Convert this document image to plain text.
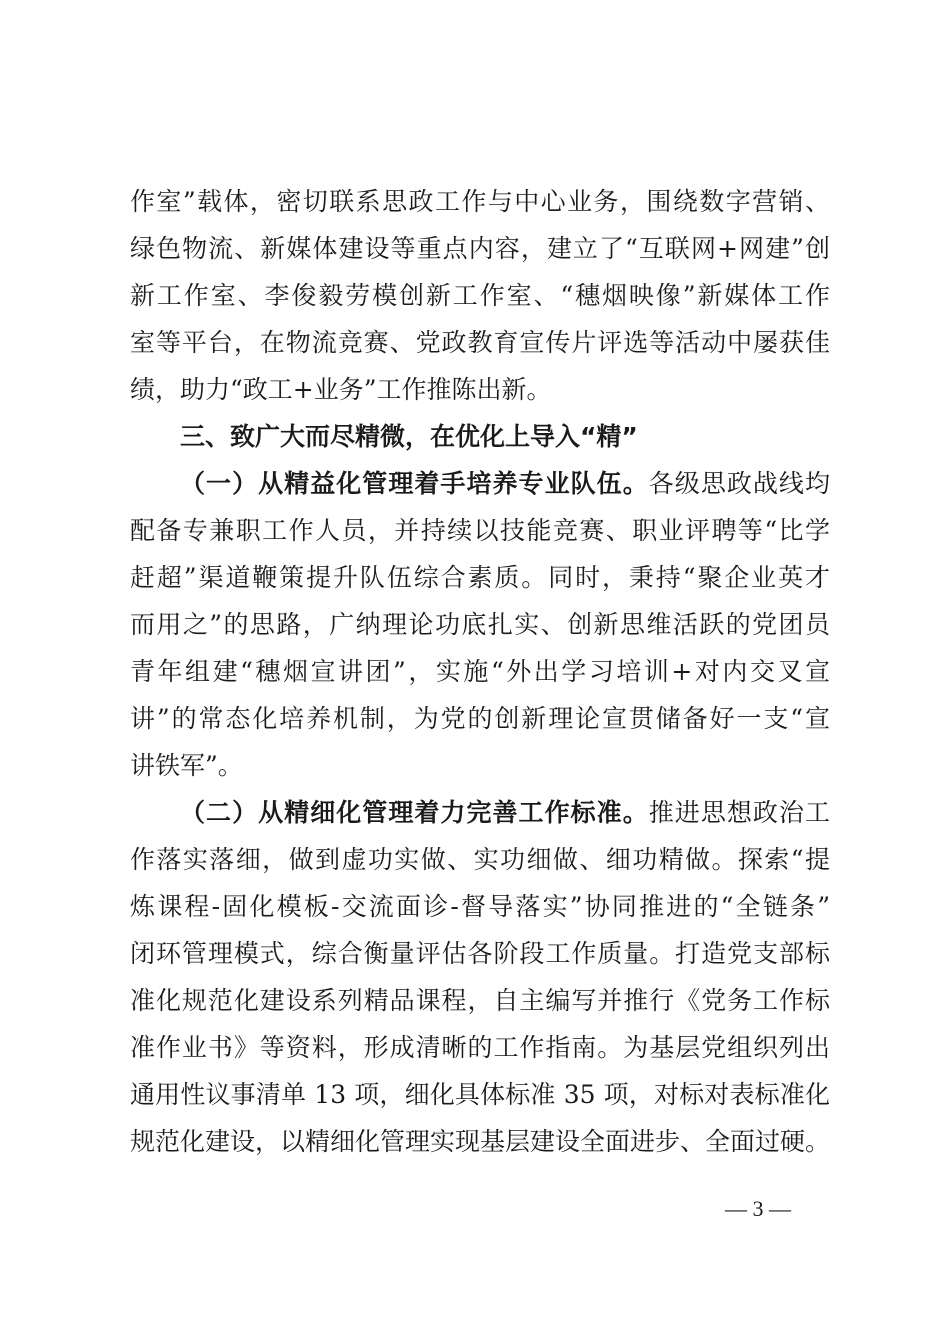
作室”载体，密切联系思政工作与中心业务，围绕数字营销、
绿色物流、新媒体建设等重点内容，建立了“互联网+网建”创
新工作室、李俊毅劳模创新工作室、“穗烟映像”新媒体工作
室等平台，在物流竞赛、党政教育宣传片评选等活动中屡获佳
绩，助力“政工+业务”工作推陈出新。
三、致广大而尽精微，在优化上导入“精”
（一）从精益化管理着手培养专业队伍。各级思政战线均
配备专兼职工作人员，并持续以技能竞赛、职业评聘等“比学
赶超”渠道鞭策提升队伍综合素质。同时，秉持“聚企业英才
而用之”的思路，广纳理论功底扎实、创新思维活跃的党团员
青年组建“穗烟宣讲团”，实施“外出学习培训+对内交叉宣
讲”的常态化培养机制，为党的创新理论宣贯储备好一支“宣
讲铁军”。
（二）从精细化管理着力完善工作标准。推进思想政治工
作落实落细，做到虚功实做、实功细做、细功精做。探索“提
炼课程-固化模板-交流面诊-督导落实”协同推进的“全链条”
闭环管理模式，综合衡量评估各阶段工作质量。打造党支部标
准化规范化建设系列精品课程，自主编写并推行《党务工作标
准作业书》等资料，形成清晰的工作指南。为基层党组织列出
通用性议事清单 13 项，细化具体标准 35 项，对标对表标准化
规范化建设，以精细化管理实现基层建设全面进步、全面过硬。
— 3 —
